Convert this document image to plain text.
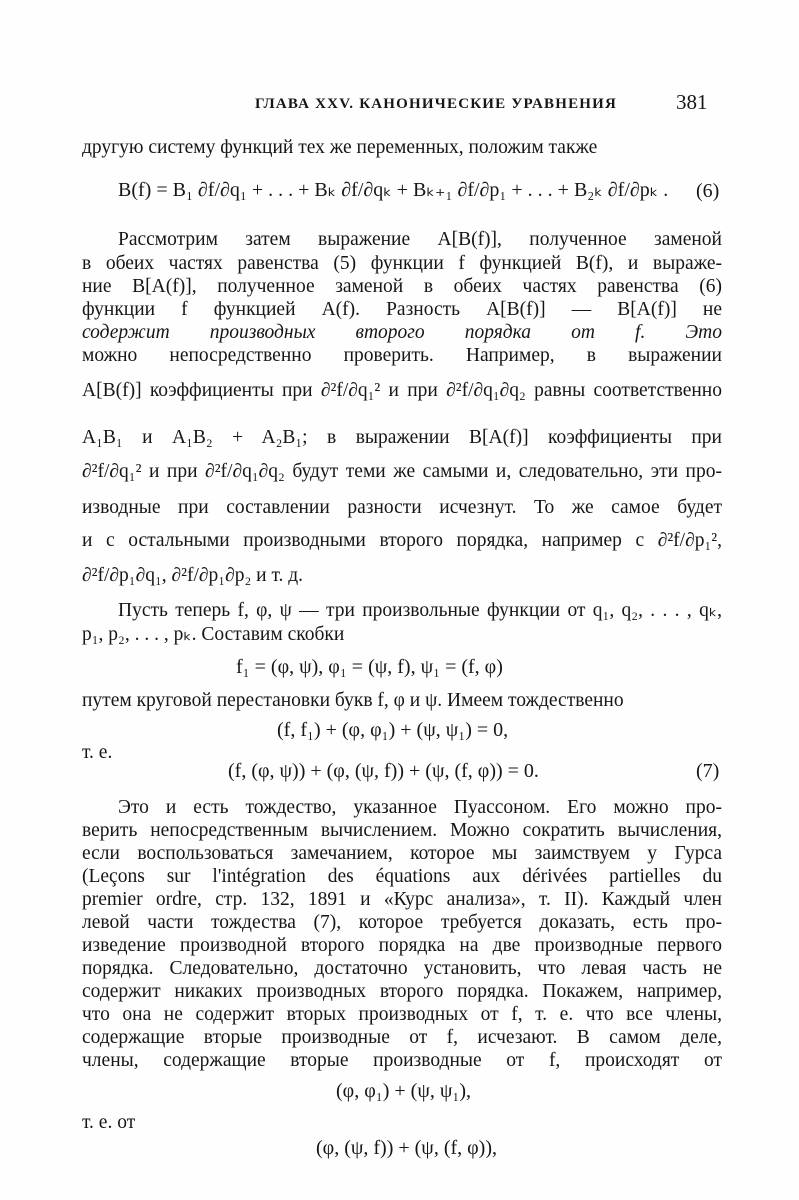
ГЛАВА XXV. КАНОНИЧЕСКИЕ УРАВНЕНИЯ	381
другую систему функций тех же переменных, положим также
B(f) = B₁ ∂f/∂q₁ + . . . + Bₖ ∂f/∂qₖ + Bₖ₊₁ ∂f/∂p₁ + . . . + B₂ₖ ∂f/∂pₖ . (6)
Рассмотрим затем выражение A[B(f)], полученное заменой
в обеих частях равенства (5) функции f функцией B(f), и выраже-
ние B[A(f)], полученное заменой в обеих частях равенства (6)
функции f функцией A(f). Разность A[B(f)] — B[A(f)] не
содержит производных второго порядка от f. Это
можно непосредственно проверить. Например, в выражении
A[B(f)] коэффициенты при ∂²f/∂q₁² и при ∂²f/∂q₁∂q₂ равны соответственно
A₁B₁ и A₁B₂ + A₂B₁; в выражении B[A(f)] коэффициенты при
∂²f/∂q₁² и при ∂²f/∂q₁∂q₂ будут теми же самыми и, следовательно, эти про-
изводные при составлении разности исчезнут. То же самое будет
и с остальными производными второго порядка, например с ∂²f/∂p₁²,
∂²f/∂p₁∂q₁, ∂²f/∂p₁∂p₂ и т. д.
Пусть теперь f, φ, ψ — три произвольные функции от q₁, q₂, . . . , qₖ,
p₁, p₂, . . . , pₖ. Составим скобки
f₁ = (φ, ψ), φ₁ = (ψ, f), ψ₁ = (f, φ)
путем круговой перестановки букв f, φ и ψ. Имеем тождественно
(f, f₁) + (φ, φ₁) + (ψ, ψ₁) = 0,
т. е.
(f, (φ, ψ)) + (φ, (ψ, f)) + (ψ, (f, φ)) = 0.	(7)
Это и есть тождество, указанное Пуассоном. Его можно про-
верить непосредственным вычислением. Можно сократить вычисления,
если воспользоваться замечанием, которое мы заимствуем у Гурса
(Leçons sur l'intégration des équations aux dérivées partielles du
premier ordre, стр. 132, 1891 и «Курс анализа», т. II). Каждый член
левой части тождества (7), которое требуется доказать, есть про-
изведение производной второго порядка на две производные первого
порядка. Следовательно, достаточно установить, что левая часть не
содержит никаких производных второго порядка. Покажем, например,
что она не содержит вторых производных от f, т. е. что все члены,
содержащие вторые производные от f, исчезают. В самом деле,
члены, содержащие вторые производные от f, происходят от
(φ, φ₁) + (ψ, ψ₁),
т. е. от
(φ, (ψ, f)) + (ψ, (f, φ)),
